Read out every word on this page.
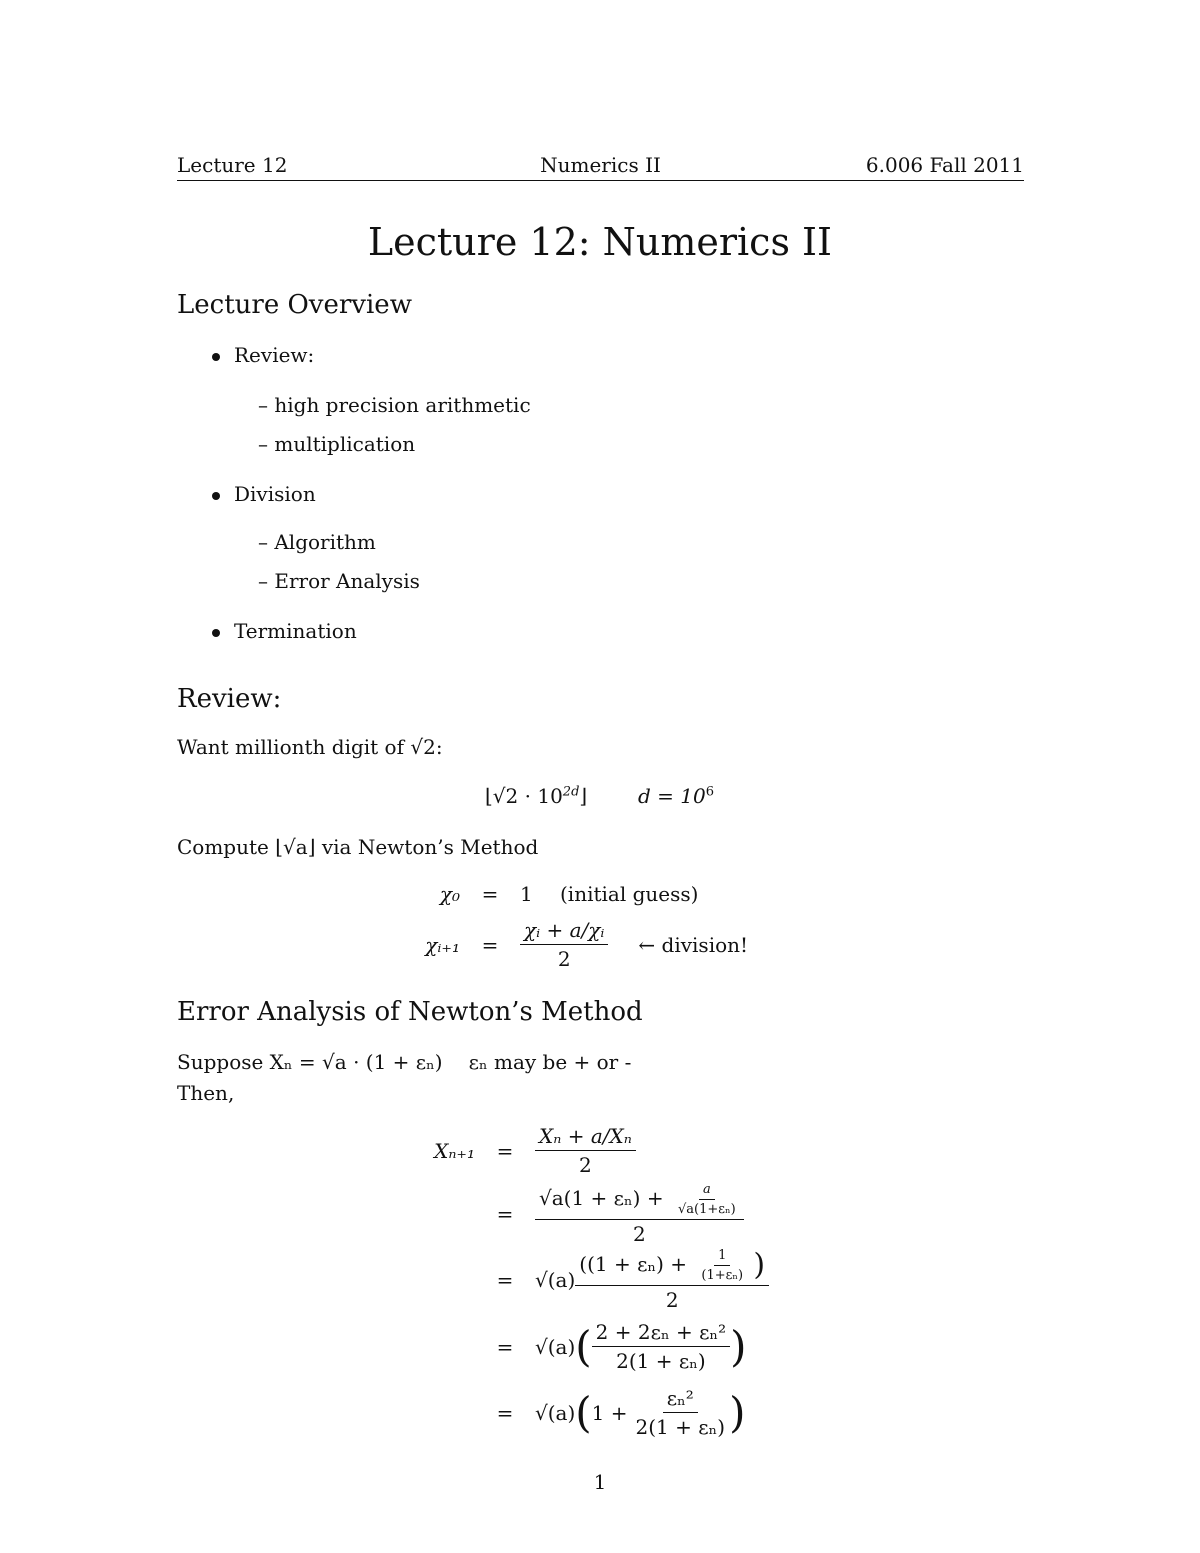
Lecture 12	Numerics II	6.006 Fall 2011
Lecture 12: Numerics II
Lecture Overview
Review:
– high precision arithmetic
– multiplication
Division
– Algorithm
– Error Analysis
Termination
Review:
Want millionth digit of √2:
⌊√2 · $10^{2d}⌋$	$d = 10^6$
Compute ⌊√a⌋ via Newton’s Method
χ₀	=	1	(initial guess)
χᵢ₊₁	=	$\frac{\text{χᵢ + a/χᵢ}}{2}$ ← division!
Error Analysis of Newton’s Method
Suppose Xₙ = √a · (1 + εₙ) εₙ may be + or -
Then,
Xₙ₊₁	=	$\frac{\text{Xₙ + a/Xₙ}}{2}$
=	$\frac{√a(1 + \varepsilon_n) + \frac{a}{\text{√a(1+εₙ)}}}{2}$
=	$√(a) \frac{((1 + \varepsilon_n) + \frac{1}{\text{(1+εₙ)}} )}{2}$
=	√(a) ( $\frac{\text{2 + 2εₙ + εₙ²}}{\text{2(1 + εₙ)}}$ )
=	√(a) ( $1 + \frac{\text{εₙ²}}{\text{2(1 + εₙ)}}$ )
1
